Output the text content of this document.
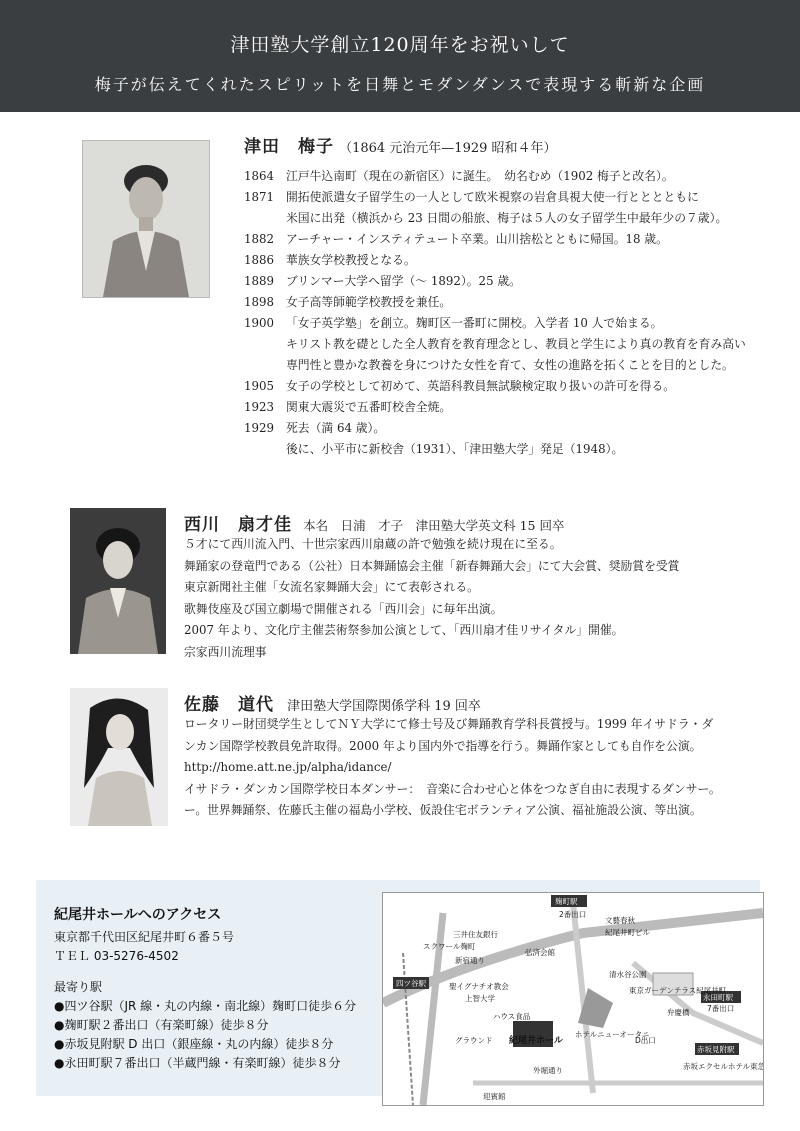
津田塾大学創立120周年をお祝いして
梅子が伝えてくれたスピリットを日舞とモダンダンスで表現する斬新な企画
津田　梅子 （1864 元治元年—1929 昭和４年）
1864	江戸牛込南町（現在の新宿区）に誕生。　幼名むめ（1902 梅子と改名）。
1871	開拓使派遣女子留学生の一人として欧米視察の岩倉具視大使一行とととともに
米国に出発（横浜から 23 日間の船旅、梅子は５人の女子留学生中最年少の７歳）。
1882	アーチャー・インスティテュート卒業。山川捨松とともに帰国。18 歳。
1886	華族女学校教授となる。
1889	ブリンマー大学へ留学（〜 1892）。25 歳。
1898	女子高等師範学校教授を兼任。
1900	「女子英学塾」を創立。麹町区一番町に開校。入学者 10 人で始まる。
キリスト教を礎とした全人教育を教育理念とし、教員と学生により真の教育を育み高い
専門性と豊かな教養を身につけた女性を育て、女性の進路を拓くことを目的とした。
1905	女子の学校として初めて、英語科教員無試験検定取り扱いの許可を得る。
1923	関東大震災で五番町校舎全焼。
1929	死去（満 64 歳）。
後に、小平市に新校舎（1931）、「津田塾大学」発足（1948）。
西川　扇才佳 本名　日浦　才子　津田塾大学英文科 15 回卒
５才にて西川流入門、十世宗家西川扇蔵の許で勉強を続け現在に至る。
舞踊家の登竜門である（公社）日本舞踊協会主催「新春舞踊大会」にて大会賞、奨励賞を受賞
東京新聞社主催「女流名家舞踊大会」にて表彰される。
歌舞伎座及び国立劇場で開催される「西川会」に毎年出演。
2007 年より、文化庁主催芸術祭参加公演として、「西川扇才佳リサイタル」開催。
宗家西川流理事
佐藤　道代 津田塾大学国際関係学科 19 回卒
ロータリー財団奨学生としてＮＹ大学にて修士号及び舞踊教育学科長賞授与。1999 年イサドラ・ダ
ンカン国際学校教員免許取得。2000 年より国内外で指導を行う。舞踊作家としても自作を公演。
http://home.att.ne.jp/alpha/idance/
イサドラ・ダンカン国際学校日本ダンサー：　音楽に合わせ心と体をつなぎ自由に表現するダンサー。
ー。世界舞踊祭、佐藤氏主催の福島小学校、仮設住宅ボランティア公演、福祉施設公演、等出演。
紀尾井ホールへのアクセス
東京都千代田区紀尾井町６番５号
ＴＥＬ 03-5276-4502
最寄り駅
●四ツ谷駅（JR 線・丸の内線・南北線）麹町口徒歩６分
●麹町駅２番出口（有楽町線）徒歩８分
●赤坂見附駅 D 出口（銀座線・丸の内線）徒歩８分
●永田町駅７番出口（半蔵門線・有楽町線）徒歩８分
麹町駅
四ツ谷駅
永田町駅
赤坂見附駅
2番出口
文藝春秋
紀尾井町ビル
三井住友銀行
スクワール麹町
新宿通り
弘済会館
聖イグナチオ教会
上智大学
ハウス食品
清水谷公園
東京ガーデンテラス紀尾井町
7番出口
弁慶橋
グラウンド 紀尾井ホール
ホテルニューオータニ
D出口
外堀通り
迎賓館
赤坂エクセルホテル東急
